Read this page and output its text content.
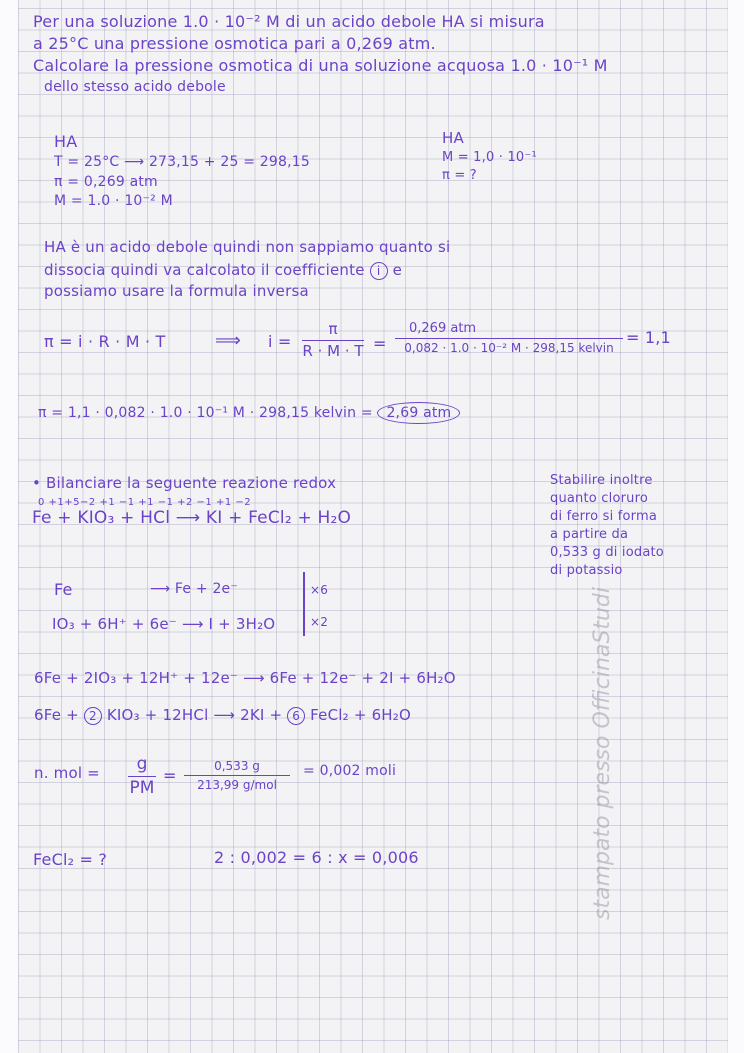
Per una soluzione 1.0 · 10⁻² M di un acido debole HA si misura
a 25°C una pressione osmotica pari a 0,269 atm.
Calcolare la pressione osmotica di una soluzione acquosa 1.0 · 10⁻¹ M
dello stesso acido debole
HA
T = 25°C ⟶ 273,15 + 25 = 298,15
π = 0,269 atm
M = 1.0 · 10⁻² M
HA
M = 1,0 · 10⁻¹
π = ?
HA è un acido debole quindi non sappiamo quanto si
dissocia quindi va calcolato il coefficiente i e
possiamo usare la formula inversa
π = i · R · M · T	⟹ $i = \frac{\pi}{R \cdot M \cdot T}$ =
0,269 atm
0,082 · 1.0 · 10⁻² M · 298,15 kelvin
= 1,1
π = 1,1 · 0,082 · 1.0 · 10⁻¹ M · 298,15 kelvin = 2,69 atm
• Bilanciare la seguente reazione redox
0 +1+5−2 +1 −1 +1 −1 +2 −1 +1 −2
Fe + KIO₃ + HCl ⟶ KI + FeCl₂ + H₂O
Stabilire inoltre
quanto cloruro
di ferro si forma
a partire da
0,533 g di iodato
di potassio
Fe	⟶ Fe + 2e⁻	×6
IO₃ + 6H⁺ + 6e⁻ ⟶ I + 3H₂O	×2
6Fe + 2IO₃ + 12H⁺ + 12e⁻ ⟶ 6Fe + 12e⁻ + 2I + 6H₂O
6Fe + 2 KIO₃ + 12HCl ⟶ 2KI + 6 FeCl₂ + 6H₂O
n. mol = $\frac{g}{PM}$ =	0,533 g
213,99 g/mol
= 0,002 moli
FeCl₂ = ?	2 : 0,002 = 6 : x = 0,006	stampato presso OfficinaStudi
